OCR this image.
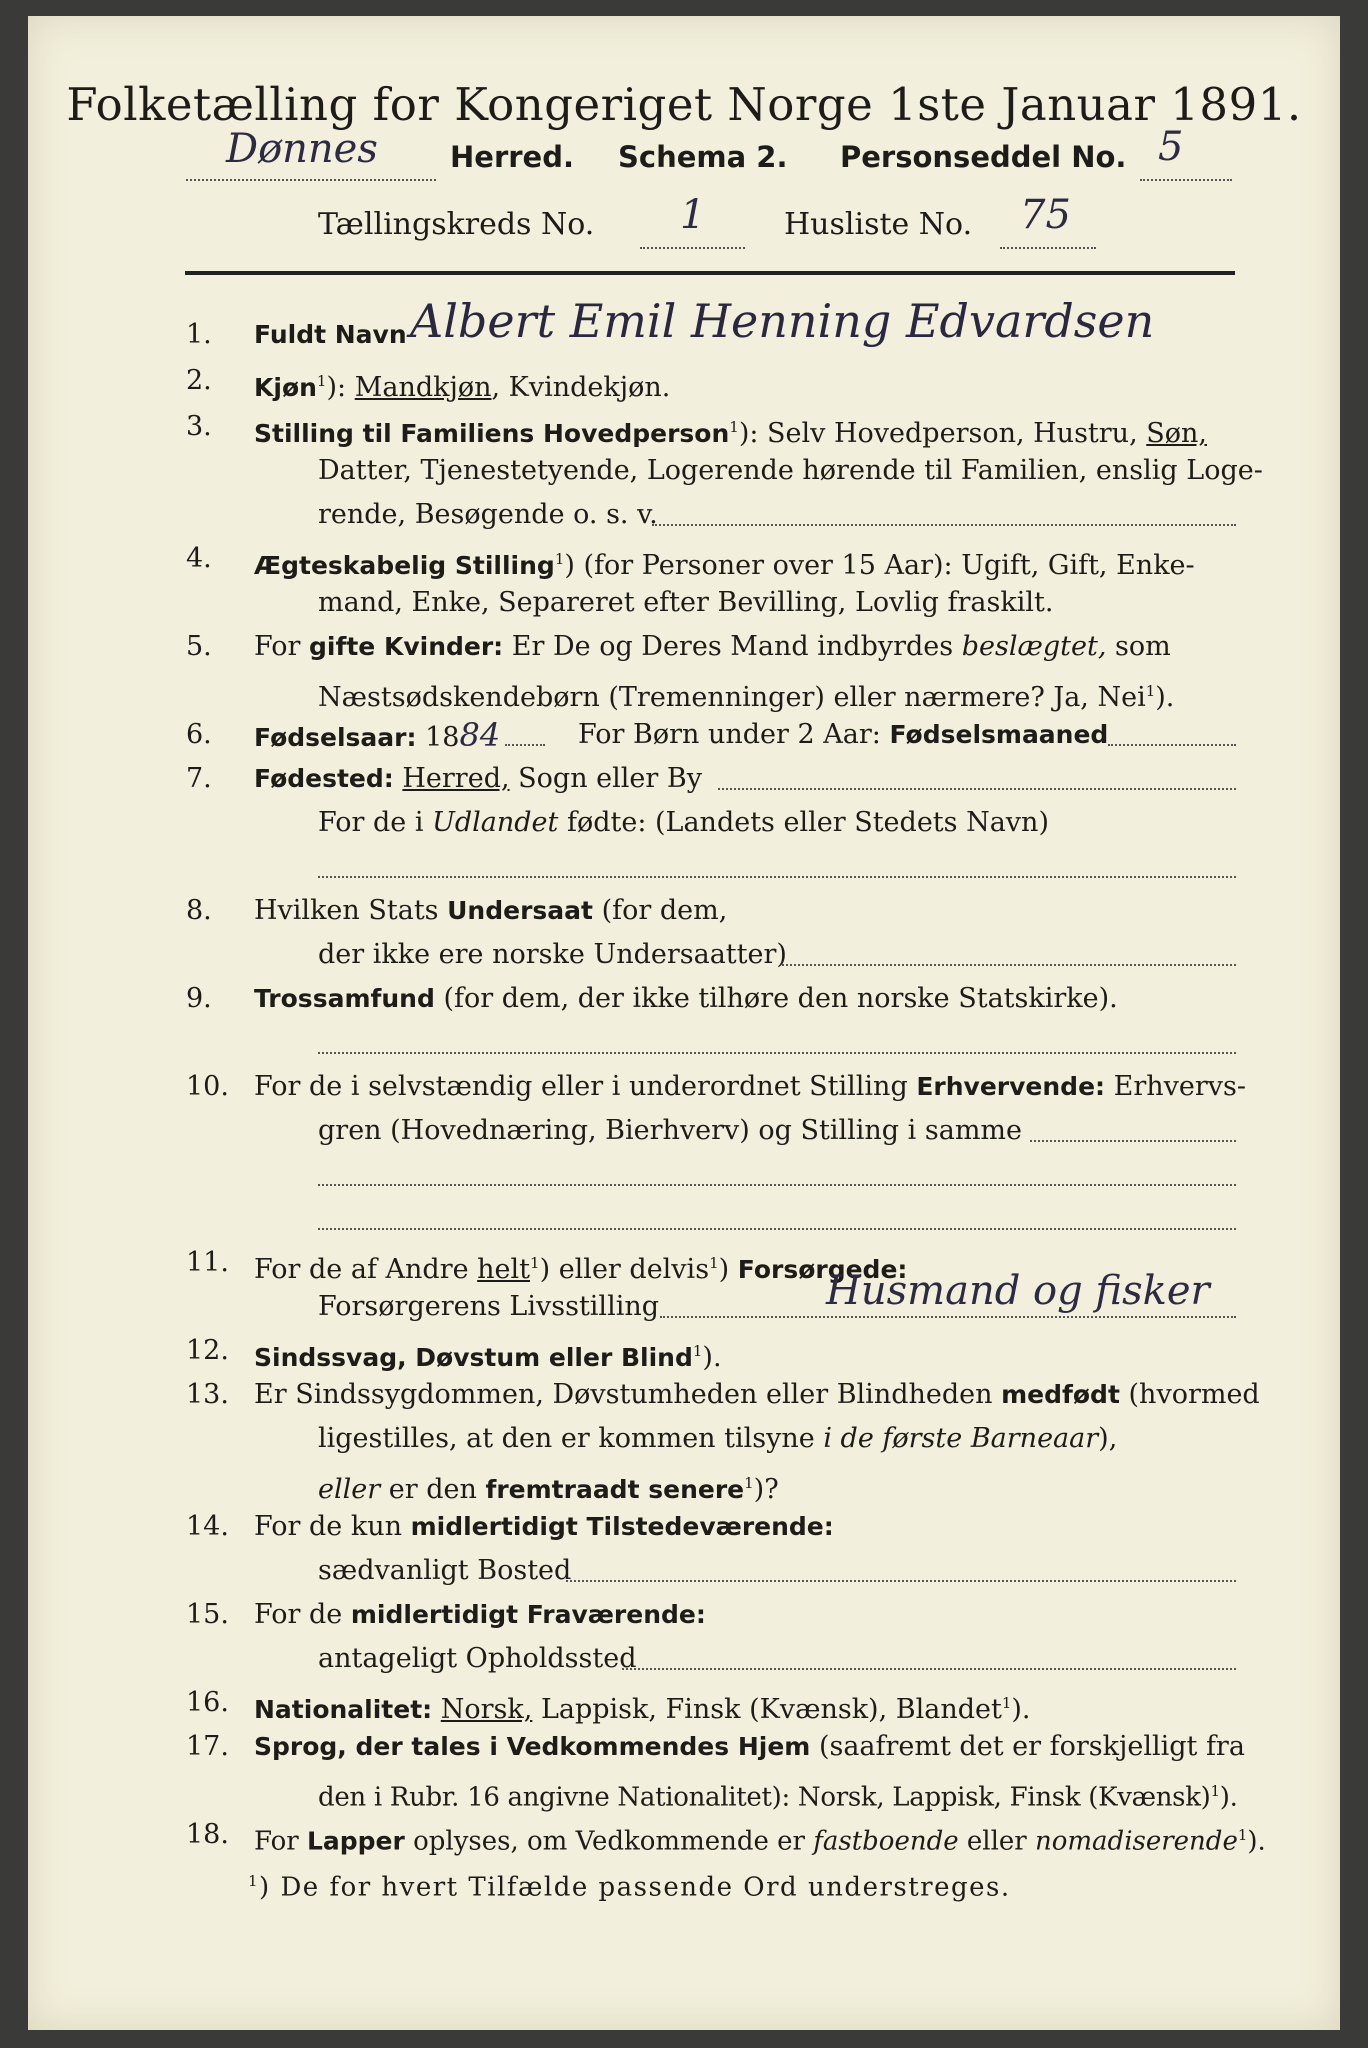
Folketælling for Kongeriget Norge 1ste Januar 1891.
Dønnes	Herred. Schema 2. Personseddel No. 5
Tællingskreds No.	1	Husliste No.	75
1.	Fuldt Navn Albert Emil Henning Edvardsen
2.	Kjøn$^1$): Mandkjøn, Kvindekjøn.
3.	Stilling til Familiens Hovedperson$^1$): Selv Hovedperson, Hustru, Søn,
Datter, Tjenestetyende, Logerende hørende til Familien, enslig Loge-
rende, Besøgende o. s. v.
4.	Ægteskabelig Stilling$^1$) (for Personer over 15 Aar): Ugift, Gift, Enke-
mand, Enke, Separeret efter Bevilling, Lovlig fraskilt.
5.	For gifte Kvinder: Er De og Deres Mand indbyrdes beslægtet, som
Næstsødskendebørn (Tremenninger) eller nærmere? Ja, Nei$^1$).
6.	Fødselsaar: 1884	For Børn under 2 Aar: Fødselsmaaned
7.	Fødested: Herred, Sogn eller By
For de i Udlandet fødte: (Landets eller Stedets Navn)
8.	Hvilken Stats Undersaat (for dem,
der ikke ere norske Undersaatter)
9.	Trossamfund (for dem, der ikke tilhøre den norske Statskirke).
10. For de i selvstændig eller i underordnet Stilling Erhvervende: Erhvervs-
gren (Hovednæring, Bierhverv) og Stilling i samme
11. For de af Andre helt$^1$) eller delvis$^1$) Forsørgede:
Forsørgerens Livsstilling	Husmand og fisker
12.	Sindssvag, Døvstum eller Blind$^1$).
13. Er Sindssygdommen, Døvstumheden eller Blindheden medfødt (hvormed
ligestilles, at den er kommen tilsyne i de første Barneaar),
eller er den fremtraadt senere$^1$)?
14. For de kun midlertidigt Tilstedeværende:
sædvanligt Bosted
15. For de midlertidigt Fraværende:
antageligt Opholdssted
16.	Nationalitet: Norsk, Lappisk, Finsk (Kvænsk), Blandet$^1$).
17.	Sprog, der tales i Vedkommendes Hjem (saafremt det er forskjelligt fra
den i Rubr. 16 angivne Nationalitet): Norsk, Lappisk, Finsk (Kvænsk)$^1$).
18. For Lapper oplyses, om Vedkommende er fastboende eller nomadiserende$^1$).
$^1$) De for hvert Tilfælde passende Ord understreges.
